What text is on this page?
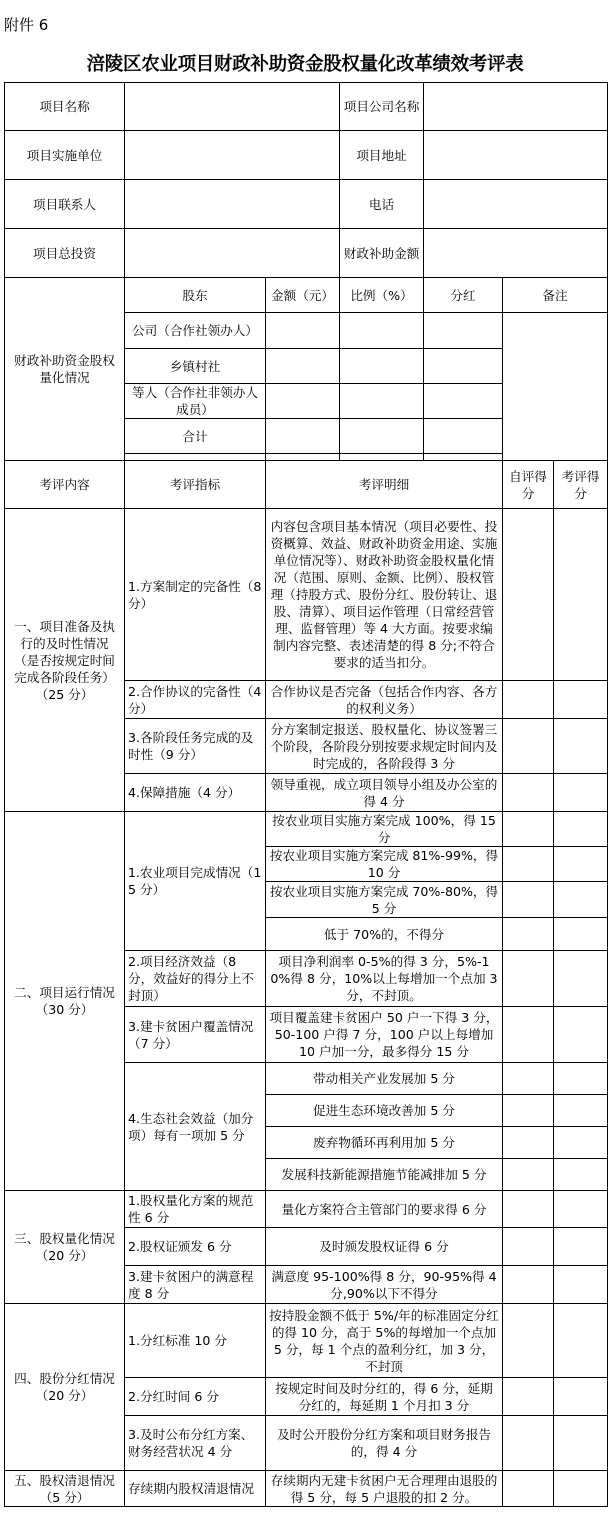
附件 6
涪陵区农业项目财政补助资金股权量化改革绩效考评表
项目名称			项目公司名称			
项目实施单位			项目地址			
项目联系人			电话			
项目总投资			财政补助金额			
财政补助资金股权量化情况	股东	金额（元）	比例（%）	分红	备注	
	公司（合作社领办人）					
	乡镇村社					
	等人（合作社非领办人成员）					
	合计					

考评内容	考评指标	考评明细			自评得分	考评得分
一、项目准备及执行的及时性情况（是否按规定时间完成各阶段任务）（25 分）	1.方案制定的完备性（8 分）	内容包含项目基本情况（项目必要性、投资概算、效益、财政补助资金用途、实施单位情况等）、财政补助资金股权量化情况（范围、原则、金额、比例）、股权管理（持股方式、股份分红、股份转让、退股、清算）、项目运作管理（日常经营管理、监督管理）等 4 大方面。按要求编制内容完整、表述清楚的得 8 分;不符合要求的适当扣分。				
	2.合作协议的完备性（4 分）	合作协议是否完备（包括合作内容、各方的权利义务）				
	3.各阶段任务完成的及时性（9 分）	分方案制定报送、股权量化、协议签署三个阶段，各阶段分别按要求规定时间内及时完成的，各阶段得 3 分				
	4.保障措施（4 分）	领导重视，成立项目领导小组及办公室的得 4 分				
二、项目运行情况（30 分）	1.农业项目完成情况（15 分）	按农业项目实施方案完成 100%，得 15 分				
		按农业项目实施方案完成 81%-99%，得 10 分				
		按农业项目实施方案完成 70%-80%，得 5 分				
		低于 70%的，不得分				
	2.项目经济效益（8 分，效益好的得分上不封顶）	项目净利润率 0-5%的得 3 分，5%-10%得 8 分，10%以上每增加一个点加 3 分，不封顶。				
	3.建卡贫困户覆盖情况（7 分）	项目覆盖建卡贫困户 50 户一下得 3 分，50-100 户得 7 分，100 户以上每增加 10 户加一分，最多得分 15 分				
	4.生态社会效益（加分项）每有一项加 5 分	带动相关产业发展加 5 分				
		促进生态环境改善加 5 分				
		废弃物循环再利用加 5 分				
		发展科技新能源措施节能减排加 5 分				
三、股权量化情况（20 分）	1.股权量化方案的规范性 6 分	量化方案符合主管部门的要求得 6 分				
	2.股权证颁发 6 分	及时颁发股权证得 6 分				
	3.建卡贫困户的满意程度 8 分	满意度 95-100%得 8 分，90-95%得 4 分,90%以下不得分				
四、股份分红情况（20 分）	1.分红标准 10 分	按持股金额不低于 5%/年的标准固定分红的得 10 分，高于 5%的每增加一个点加 5 分，每 1 个点的盈利分红，加 3 分，不封顶				
	2.分红时间 6 分	按规定时间及时分红的，得 6 分，延期分红的，每延期 1 个月扣 3 分				
	3.及时公布分红方案、财务经营状况 4 分	及时公开股份分红方案和项目财务报告的，得 4 分				
五、股权清退情况（5 分）	存续期内股权清退情况	存续期内无建卡贫困户无合理理由退股的得 5 分，每 5 户退股的扣 2 分。				
